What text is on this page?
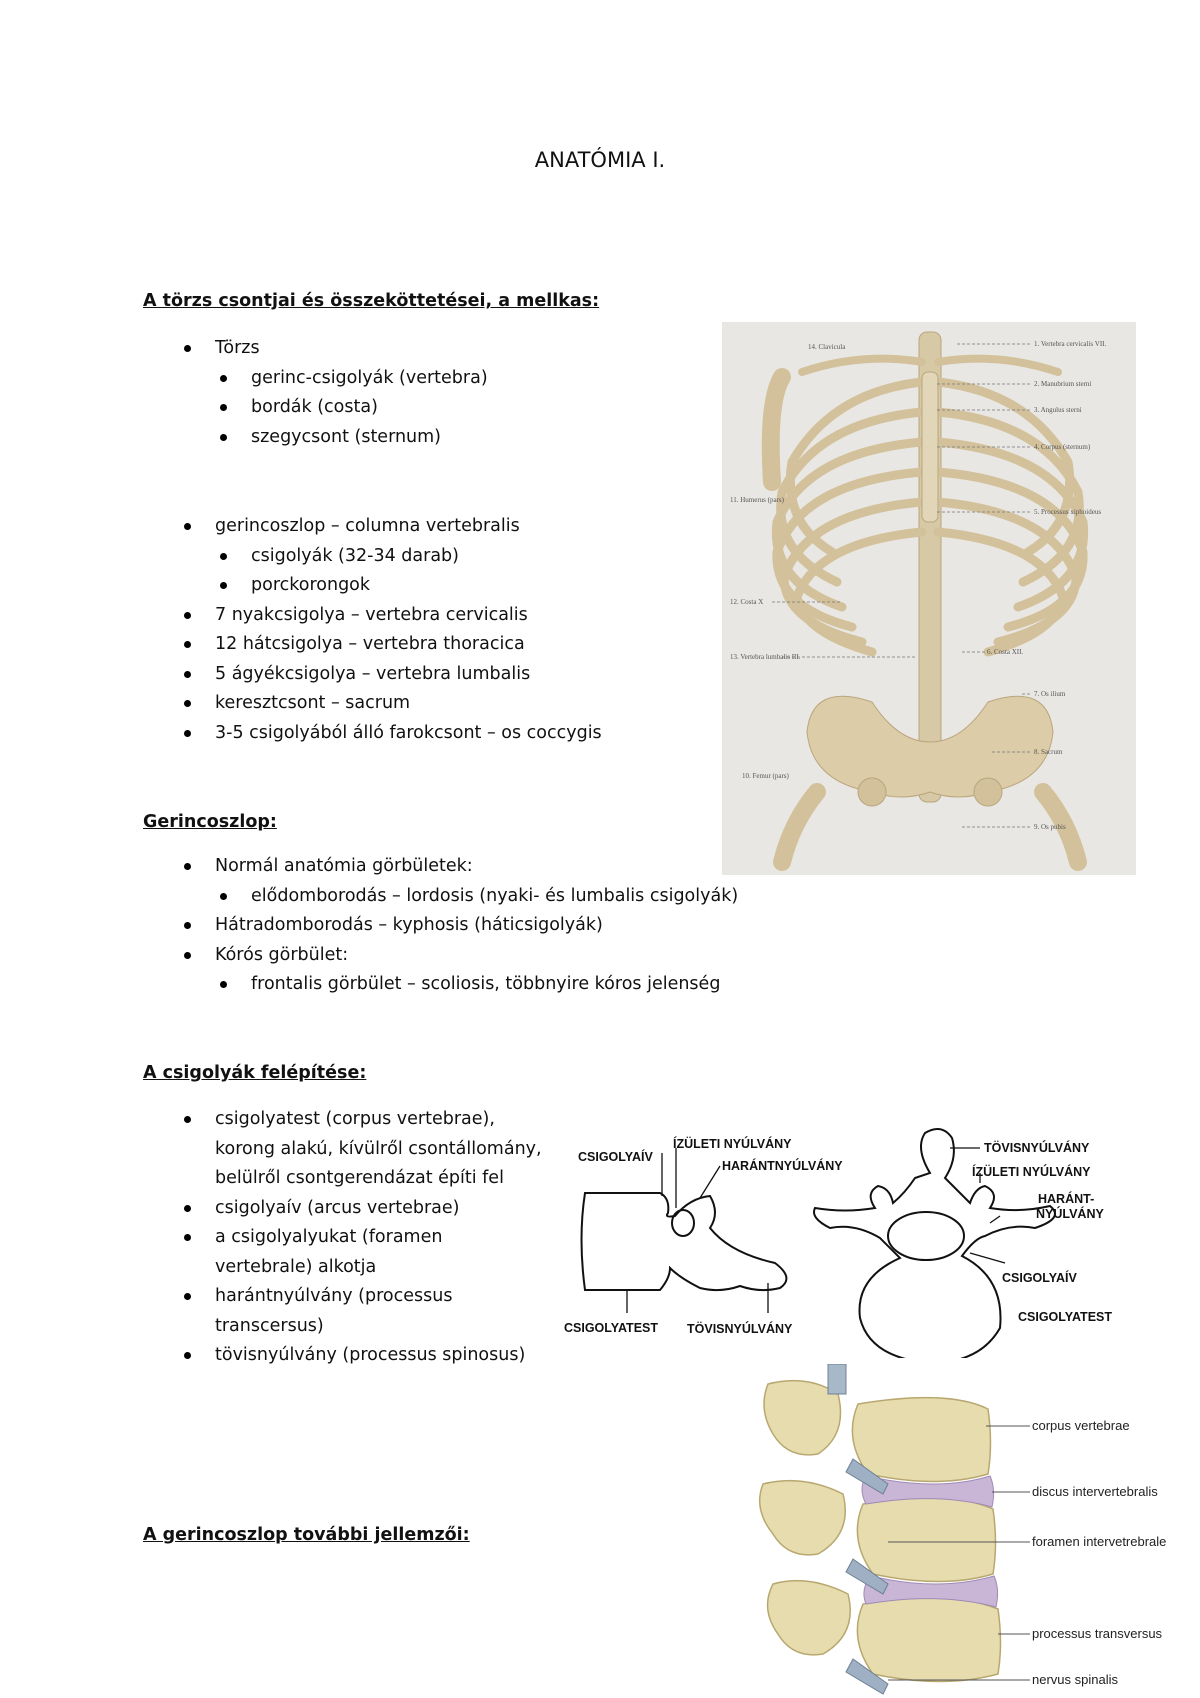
ANATÓMIA I.
A törzs csontjai és összeköttetései, a mellkas:
Törzs
gerinc-csigolyák (vertebra)
bordák (costa)
szegycsont (sternum)
gerincoszlop – columna vertebralis
csigolyák (32-34 darab)
porckorongok
7 nyakcsigolya – vertebra cervicalis
12 hátcsigolya – vertebra thoracica
5 ágyékcsigolya – vertebra lumbalis
keresztcsont – sacrum
3-5 csigolyából álló farokcsont – os coccygis
Gerincoszlop:
Normál anatómia görbületek:
elődomborodás – lordosis (nyaki- és lumbalis csigolyák)
Hátradomborodás – kyphosis (háticsigolyák)
Kórós görbület:
frontalis görbület – scoliosis, többnyire kóros jelenség
A csigolyák felépítése:
csigolyatest (corpus vertebrae), korong alakú, kívülről csontállomány, belülről csontgerendázat építi fel
csigolyaív (arcus vertebrae)
a csigolyalyukat (foramen vertebrale) alkotja
harántnyúlvány (processus transcersus)
tövisnyúlvány (processus spinosus)
A gerincoszlop további jellemzői:
14. Clavicula	1. Vertebra cervicalis VII.
2. Manubrium sterni
3. Angulus sterni
4. Corpus (sternum)
11. Humerus (pars)
5. Processus xiphoideus
12. Costa X
13. Vertebra lumbalis III.
6. Costa XII.
7. Os ilium
8. Sacrum
10. Femur (pars)
9. Os pubis
CSIGOLYAÍV
ÍZÜLETI NYÚLVÁNY
HARÁNTNYÚLVÁNY
CSIGOLYATEST TÖVISNYÚLVÁNY
TÖVISNYÚLVÁNY
ÍZÜLETI NYÚLVÁNY
HARÁNT-
NYÚLVÁNY
CSIGOLYAÍV
CSIGOLYATEST
corpus vertebrae
discus intervertebralis
foramen intervetrebrale
processus transversus
nervus spinalis
